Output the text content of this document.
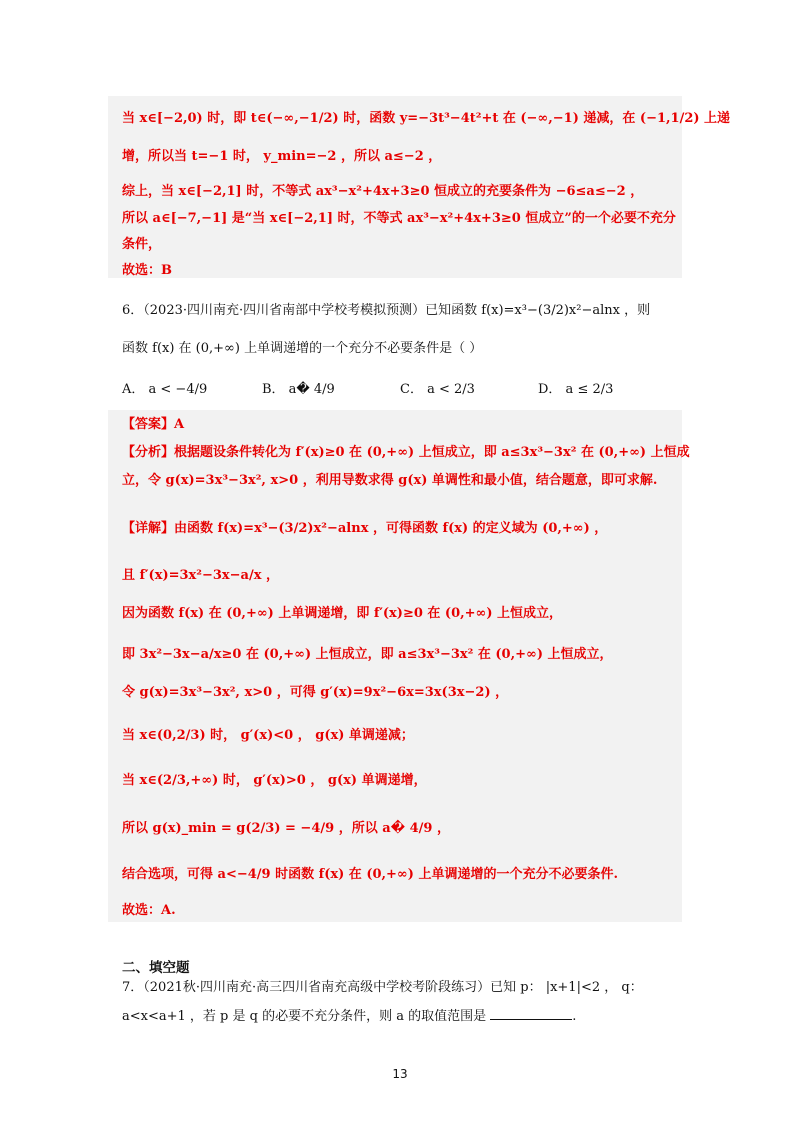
当 x∈[−2,0) 时，即 t∈(−∞,−1/2) 时，函数 y=−3t³−4t²+t 在 (−∞,−1) 递减，在 (−1,1/2) 上递
增，所以当 t=−1 时， y_min=−2 ，所以 a≤−2 ，
综上，当 x∈[−2,1] 时，不等式 ax³−x²+4x+3≥0 恒成立的充要条件为 −6≤a≤−2 ，
所以 a∈[−7,−1] 是“当 x∈[−2,1] 时，不等式 ax³−x²+4x+3≥0 恒成立”的一个必要不充分
条件，
故选：B
6．（2023·四川南充·四川省南部中学校考模拟预测）已知函数 f(x)=x³−(3/2)x²−alnx ，则
函数 f(x) 在 (0,+∞) 上单调递增的一个充分不必要条件是（ ）
A． a < −4/9	B． a� 4/9	C． a < 2/3	D． a ≤ 2/3
【答案】A
【分析】根据题设条件转化为 f′(x)≥0 在 (0,+∞) 上恒成立，即 a≤3x³−3x² 在 (0,+∞) 上恒成
立，令 g(x)=3x³−3x², x>0 ，利用导数求得 g(x) 单调性和最小值，结合题意，即可求解.
【详解】由函数 f(x)=x³−(3/2)x²−alnx ，可得函数 f(x) 的定义域为 (0,+∞) ，
且 f′(x)=3x²−3x−a/x ，
因为函数 f(x) 在 (0,+∞) 上单调递增，即 f′(x)≥0 在 (0,+∞) 上恒成立，
即 3x²−3x−a/x≥0 在 (0,+∞) 上恒成立，即 a≤3x³−3x² 在 (0,+∞) 上恒成立，
令 g(x)=3x³−3x², x>0 ，可得 g′(x)=9x²−6x=3x(3x−2) ，
当 x∈(0,2/3) 时， g′(x)<0 ， g(x) 单调递减；
当 x∈(2/3,+∞) 时， g′(x)>0 ， g(x) 单调递增，
所以 g(x)_min = g(2/3) = −4/9 ，所以 a� 4/9 ，
结合选项，可得 a<−4/9 时函数 f(x) 在 (0,+∞) 上单调递增的一个充分不必要条件.
故选：A.
二、填空题
7．（2021秋·四川南充·高三四川省南充高级中学校考阶段练习）已知 p： |x+1|<2 ， q：
a<x<a+1 ，若 p 是 q 的必要不充分条件，则 a 的取值范围是	.
13
